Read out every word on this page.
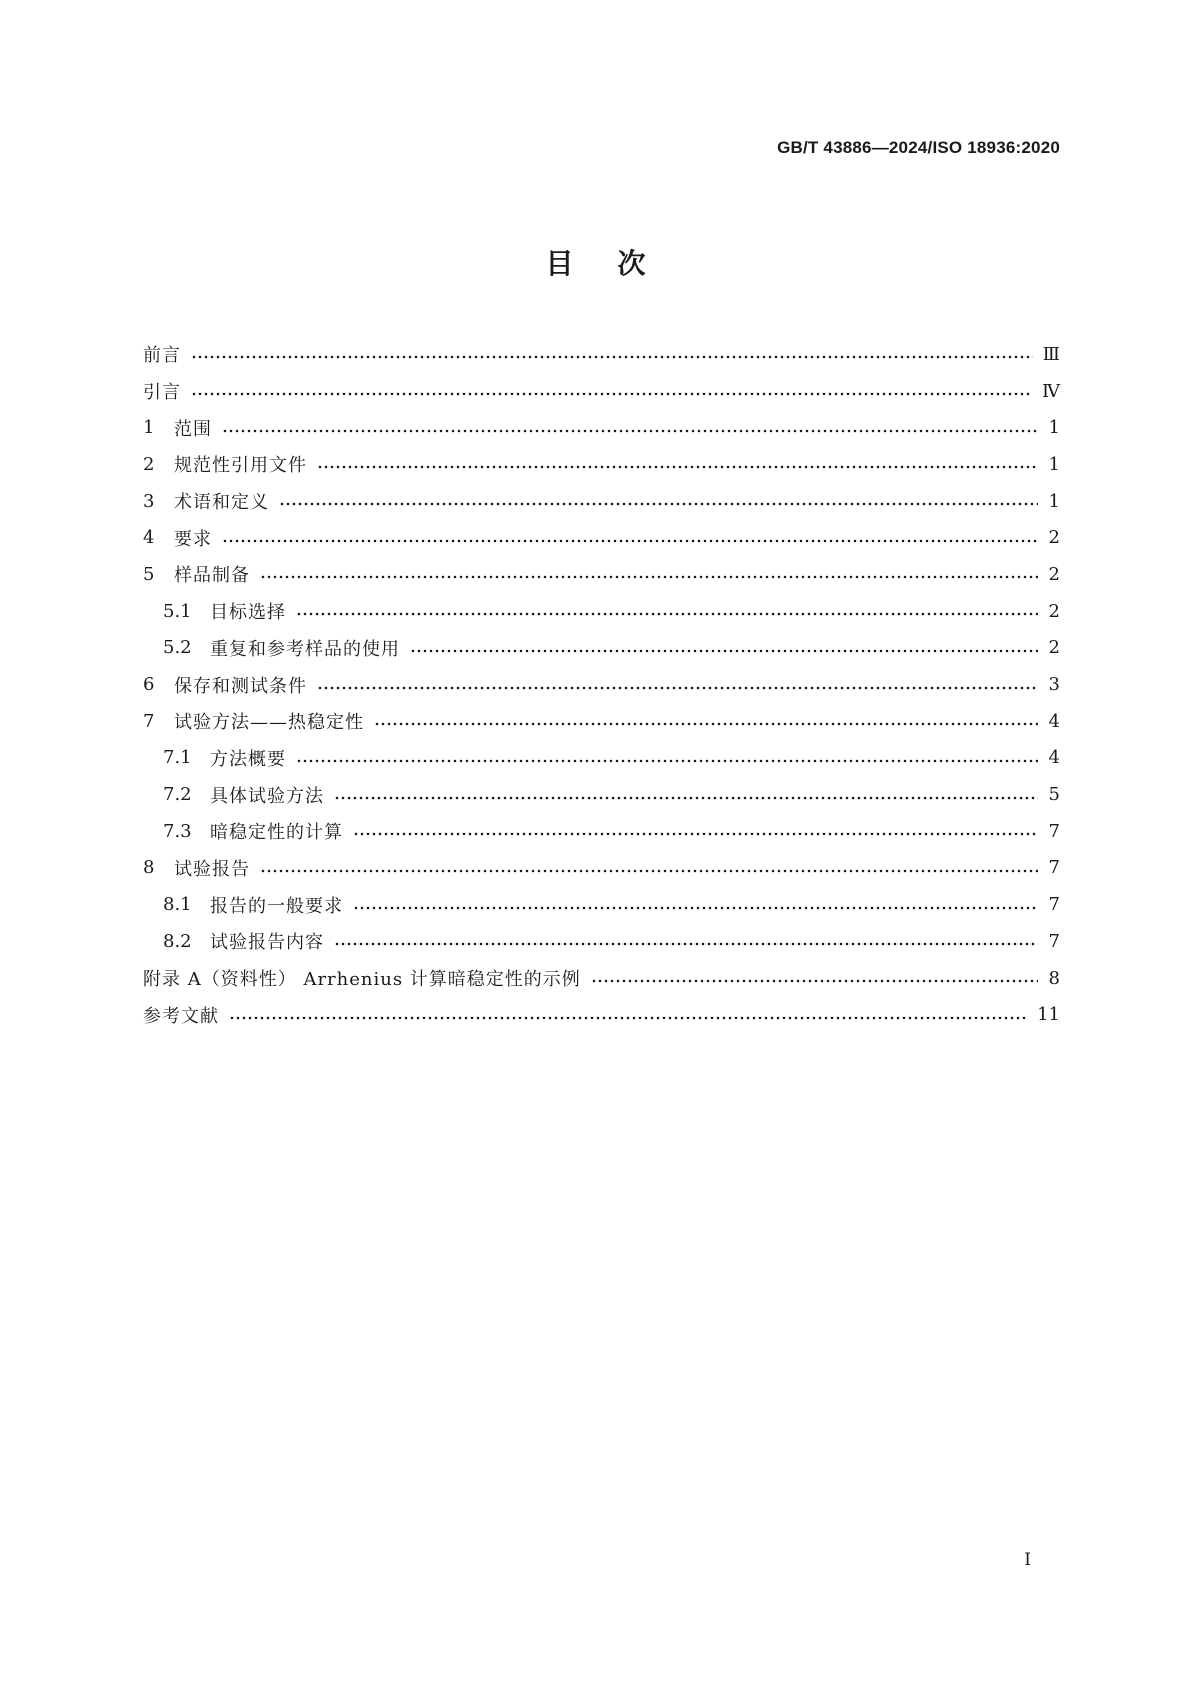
GB/T 43886—2024/ISO 18936:2020
目次
前言	Ⅲ
引言	Ⅳ
1	范围	1
2	规范性引用文件	1
3	术语和定义	1
4	要求	2
5	样品制备	2
5.1	目标选择	2
5.2	重复和参考样品的使用	2
6	保存和测试条件	3
7	试验方法——热稳定性	4
7.1	方法概要	4
7.2	具体试验方法	5
7.3	暗稳定性的计算	7
8	试验报告	7
8.1	报告的一般要求	7
8.2	试验报告内容	7
附录 A（资料性） Arrhenius 计算暗稳定性的示例	8
参考文献	11
Ⅰ
